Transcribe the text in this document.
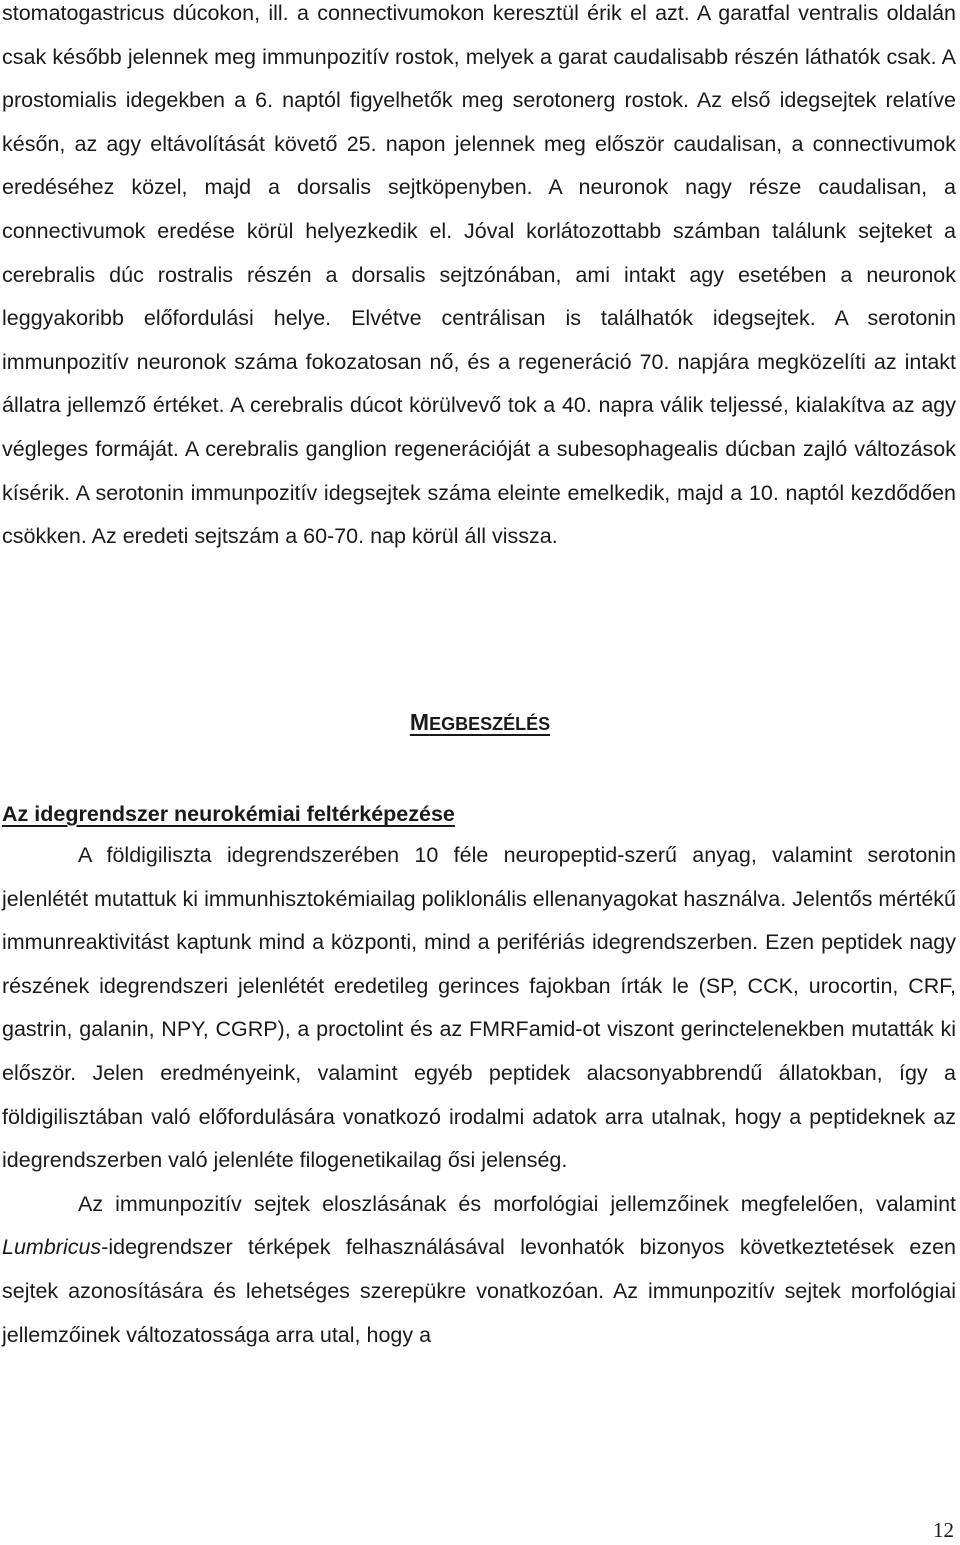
stomatogastricus dúcokon, ill. a connectivumokon keresztül érik el azt. A garatfal ventralis oldalán csak később jelennek meg immunpozitív rostok, melyek a garat caudalisabb részén láthatók csak. A prostomialis idegekben a 6. naptól figyelhetők meg serotonerg rostok. Az első idegsejtek relatíve későn, az agy eltávolítását követő 25. napon jelennek meg először caudalisan, a connectivumok eredéséhez közel, majd a dorsalis sejtköpenyben. A neuronok nagy része caudalisan, a connectivumok eredése körül helyezkedik el. Jóval korlátozottabb számban találunk sejteket a cerebralis dúc rostralis részén a dorsalis sejtzónában, ami intakt agy esetében a neuronok leggyakoribb előfordulási helye. Elvétve centrálisan is találhatók idegsejtek. A serotonin immunpozitív neuronok száma fokozatosan nő, és a regeneráció 70. napjára megközelíti az intakt állatra jellemző értéket. A cerebralis dúcot körülvevő tok a 40. napra válik teljessé, kialakítva az agy végleges formáját. A cerebralis ganglion regenerációját a subesophagealis dúcban zajló változások kísérik. A serotonin immunpozitív idegsejtek száma eleinte emelkedik, majd a 10. naptól kezdődően csökken. Az eredeti sejtszám a 60-70. nap körül áll vissza.

MEGBESZÉLÉS
Az idegrendszer neurokémiai feltérképezése

A földigiliszta idegrendszerében 10 féle neuropeptid-szerű anyag, valamint serotonin jelenlétét mutattuk ki immunhisztokémiailag poliklonális ellenanyagokat használva. Jelentős mértékű immunreaktivitást kaptunk mind a központi, mind a perifériás idegrendszerben. Ezen peptidek nagy részének idegrendszeri jelenlétét eredetileg gerinces fajokban írták le (SP, CCK, urocortin, CRF, gastrin, galanin, NPY, CGRP), a proctolint és az FMRFamid-ot viszont gerinctelenekben mutatták ki először. Jelen eredményeink, valamint egyéb peptidek alacsonyabbrendű állatokban, így a földigilisztában való előfordulására vonatkozó irodalmi adatok arra utalnak, hogy a peptideknek az idegrendszerben való jelenléte filogenetikailag ősi jelenség.

Az immunpozitív sejtek eloszlásának és morfológiai jellemzőinek megfelelően, valamint Lumbricus-idegrendszer térképek felhasználásával levonhatók bizonyos következtetések ezen sejtek azonosítására és lehetséges szerepükre vonatkozóan. Az immunpozitív sejtek morfológiai jellemzőinek változatossága arra utal, hogy a

12
